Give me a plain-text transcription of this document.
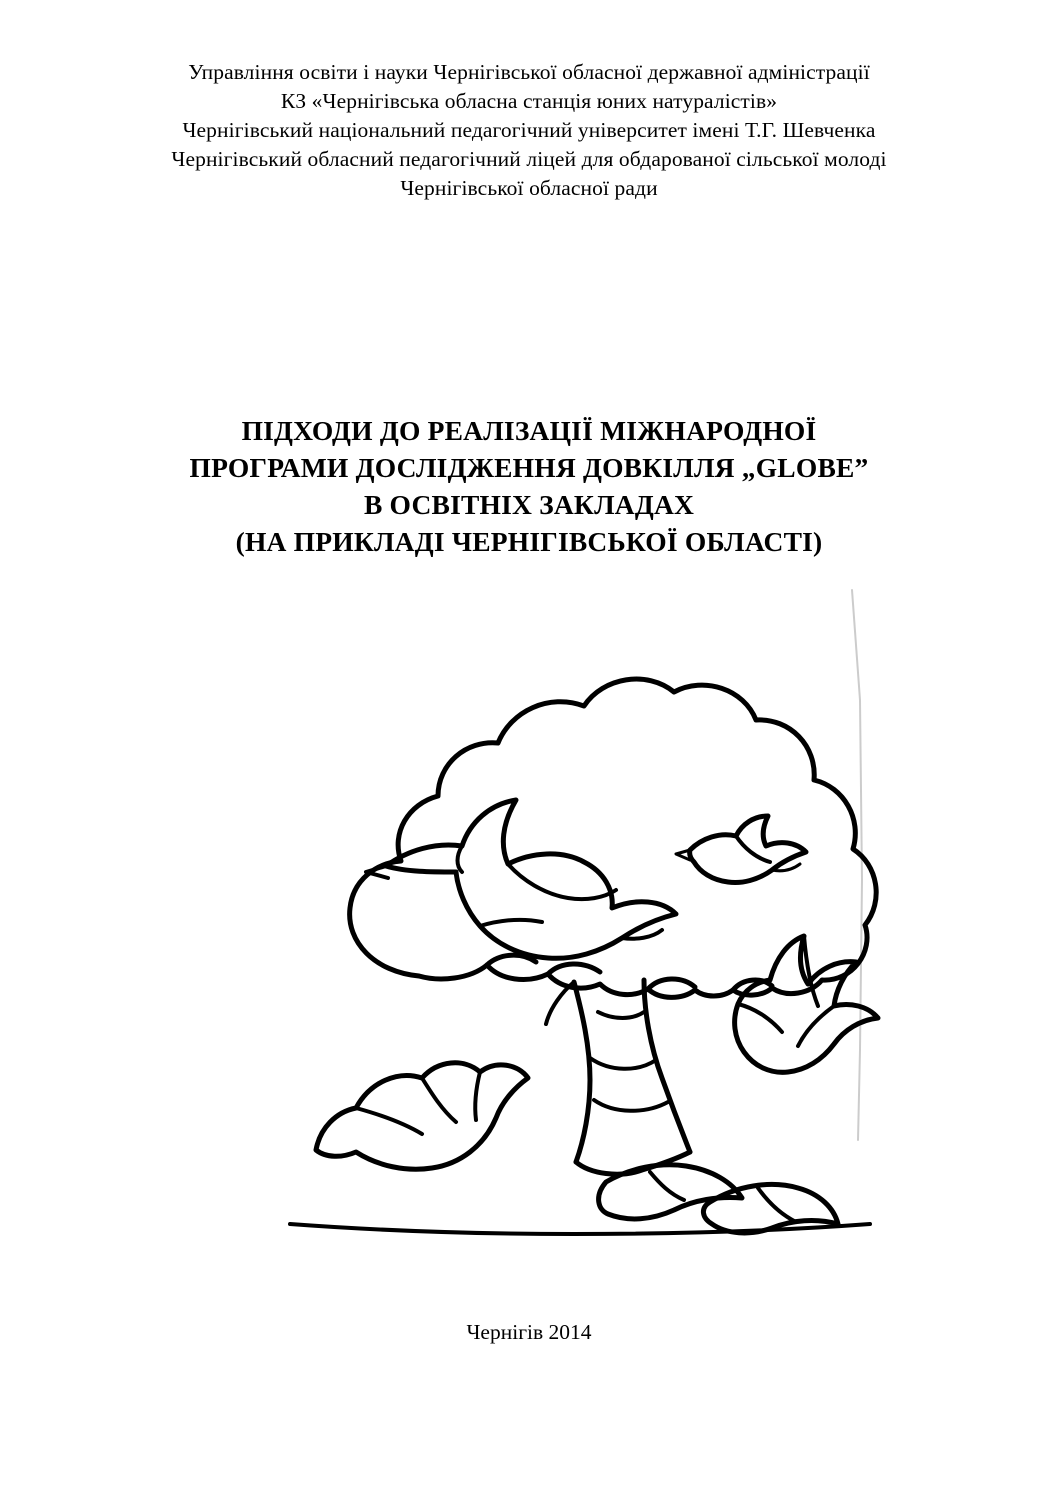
Управління освіти і науки Чернігівської обласної державної адміністрації
КЗ «Чернігівська обласна станція юних натуралістів»
Чернігівський національний педагогічний університет імені Т.Г. Шевченка
Чернігівський обласний педагогічний ліцей для обдарованої сільської молоді
Чернігівської обласної ради
ПІДХОДИ ДО РЕАЛІЗАЦІЇ МІЖНАРОДНОЇ
ПРОГРАМИ ДОСЛІДЖЕННЯ ДОВКІЛЛЯ „GLOBE”
В ОСВІТНІХ ЗАКЛАДАХ
(НА ПРИКЛАДІ ЧЕРНІГІВСЬКОЇ ОБЛАСТІ)
Чернігів 2014
